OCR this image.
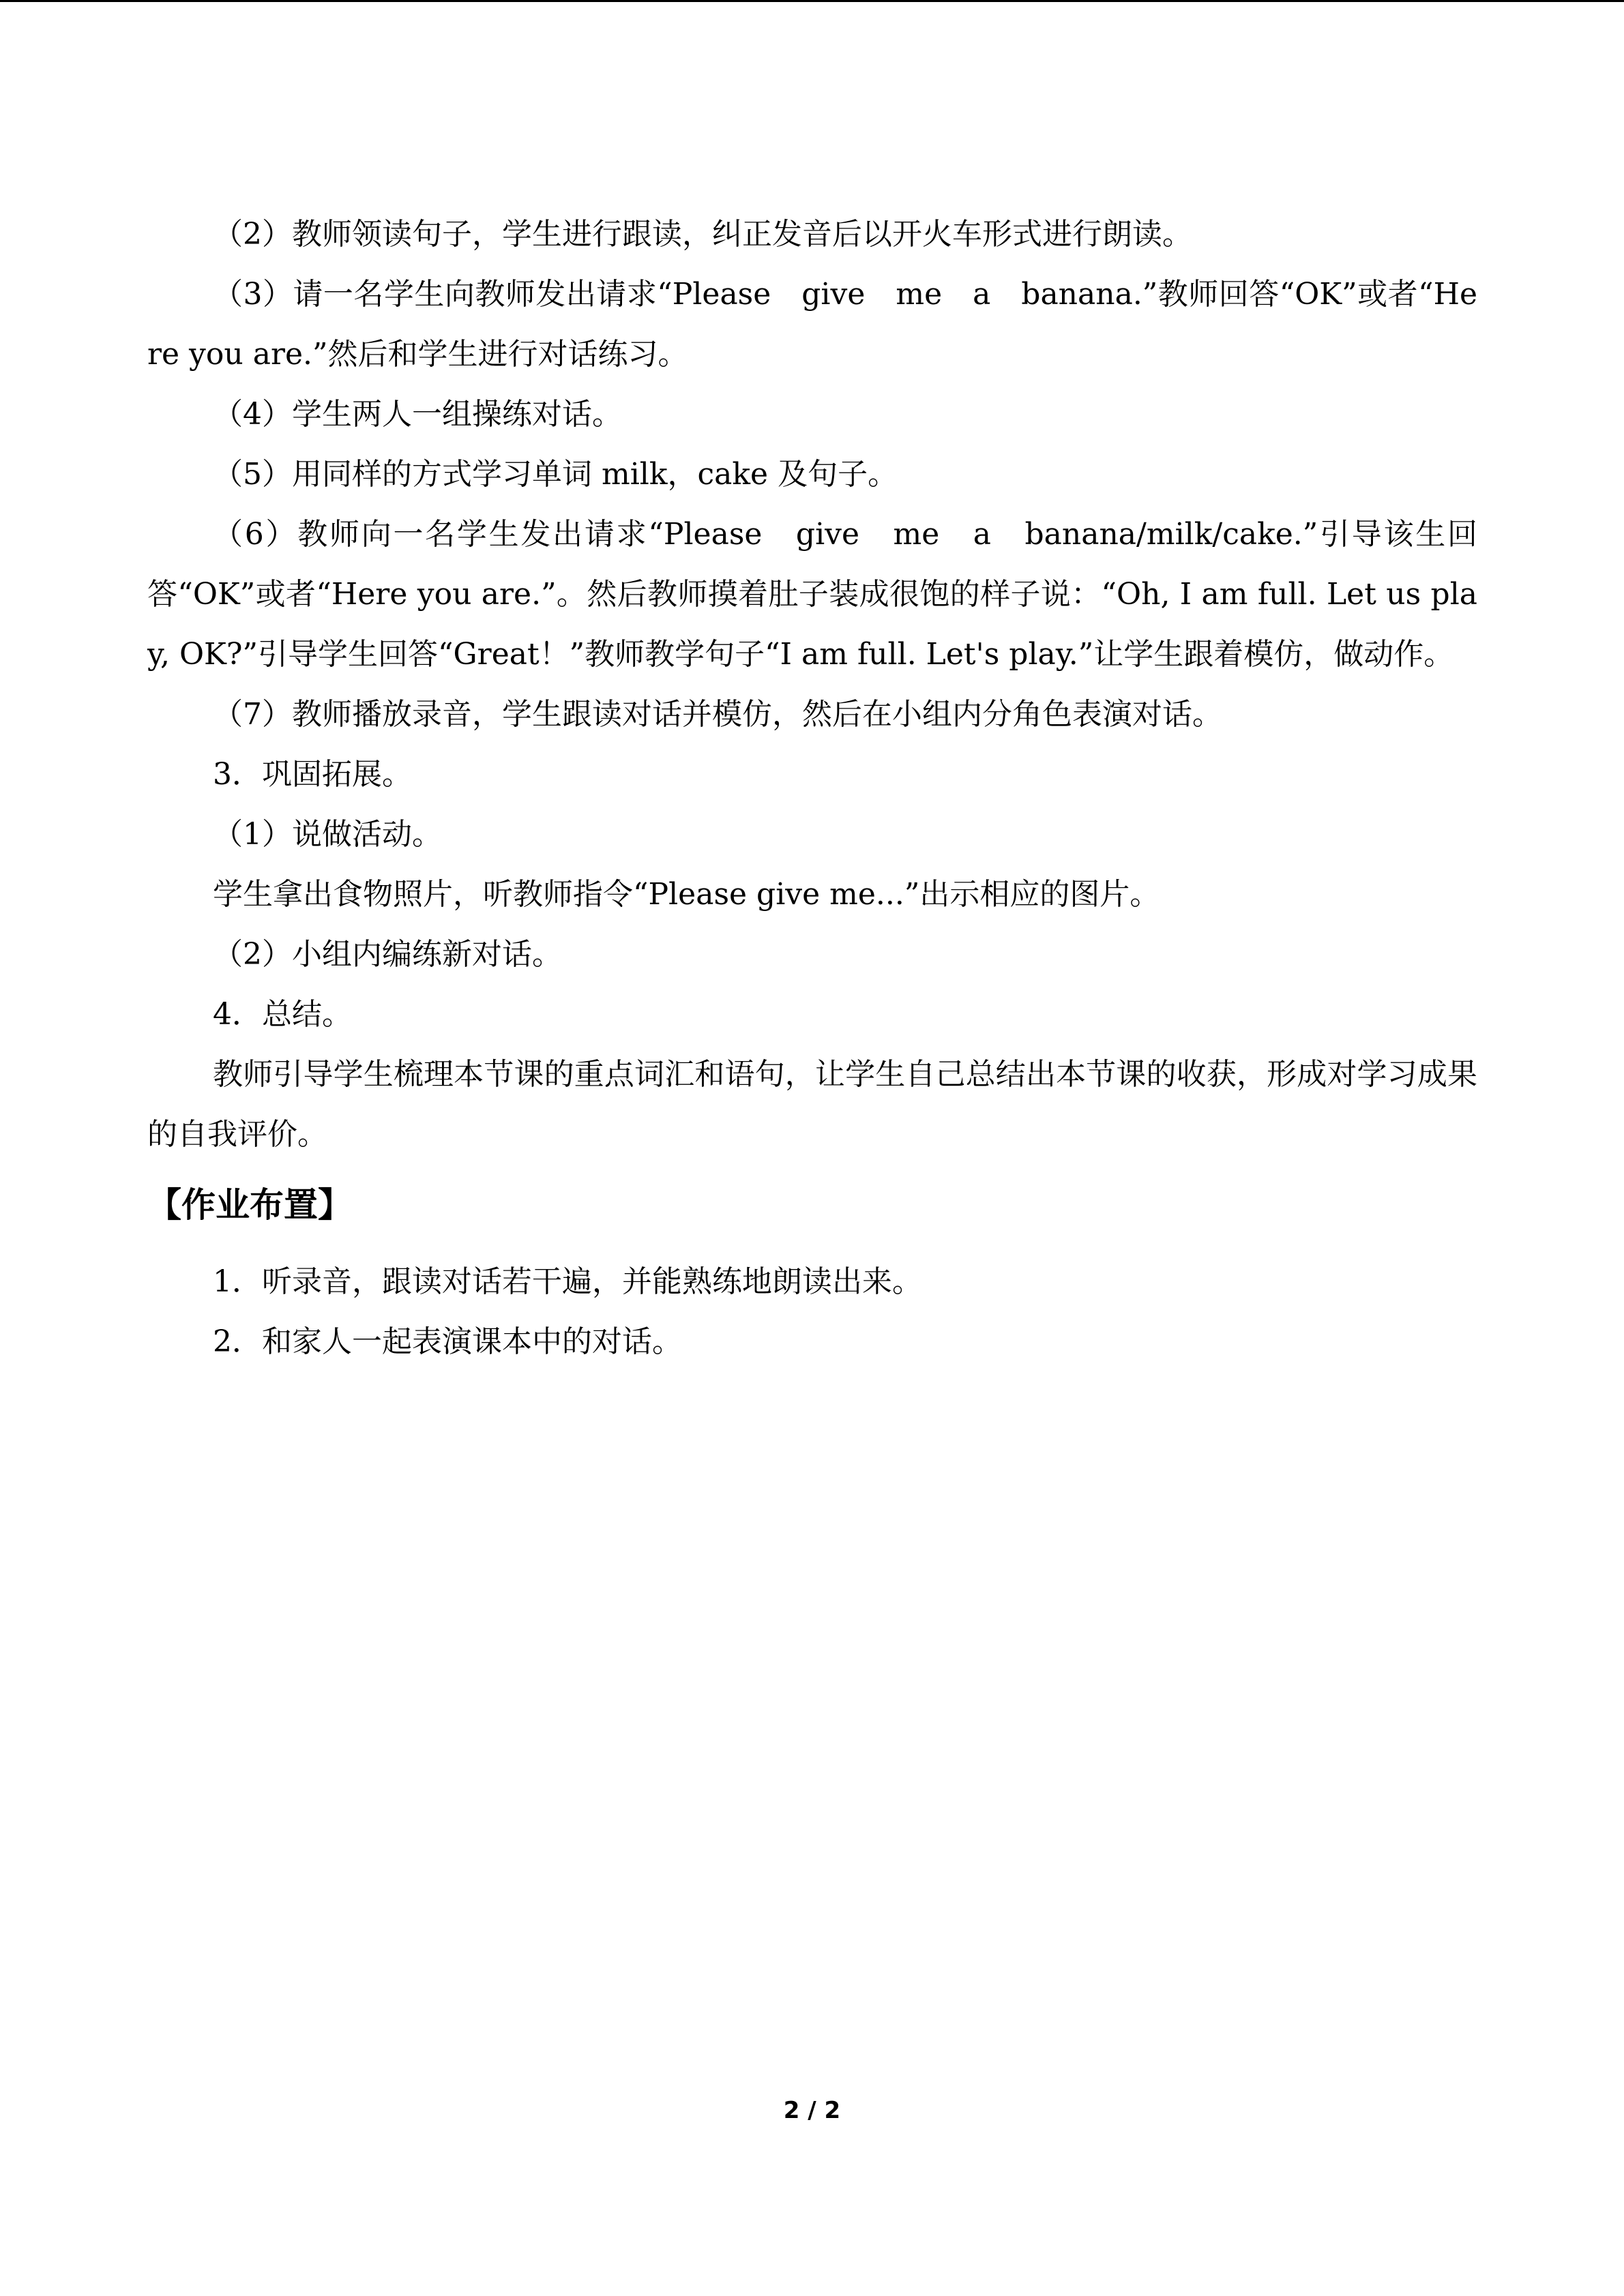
（2）教师领读句子，学生进行跟读，纠正发音后以开火车形式进行朗读。

（3）请一名学生向教师发出请求“Please　give　me　a　banana.”教师回答“OK”或者“Here you are.”然后和学生进行对话练习。

（4）学生两人一组操练对话。

（5）用同样的方式学习单词 milk，cake 及句子。

（6）教师向一名学生发出请求“Please　give　me　a　banana/milk/cake.”引导该生回答“OK”或者“Here you are.”。然后教师摸着肚子装成很饱的样子说：“Oh, I am full. Let us play, OK?”引导学生回答“Great！”教师教学句子“I am full. Let's play.”让学生跟着模仿，做动作。

（7）教师播放录音，学生跟读对话并模仿，然后在小组内分角色表演对话。

3．巩固拓展。

（1）说做活动。

学生拿出食物照片，听教师指令“Please give me...”出示相应的图片。

（2）小组内编练新对话。

4．总结。

教师引导学生梳理本节课的重点词汇和语句，让学生自己总结出本节课的收获，形成对学习成果的自我评价。

【作业布置】

1．听录音，跟读对话若干遍，并能熟练地朗读出来。

2．和家人一起表演课本中的对话。

2 / 2
